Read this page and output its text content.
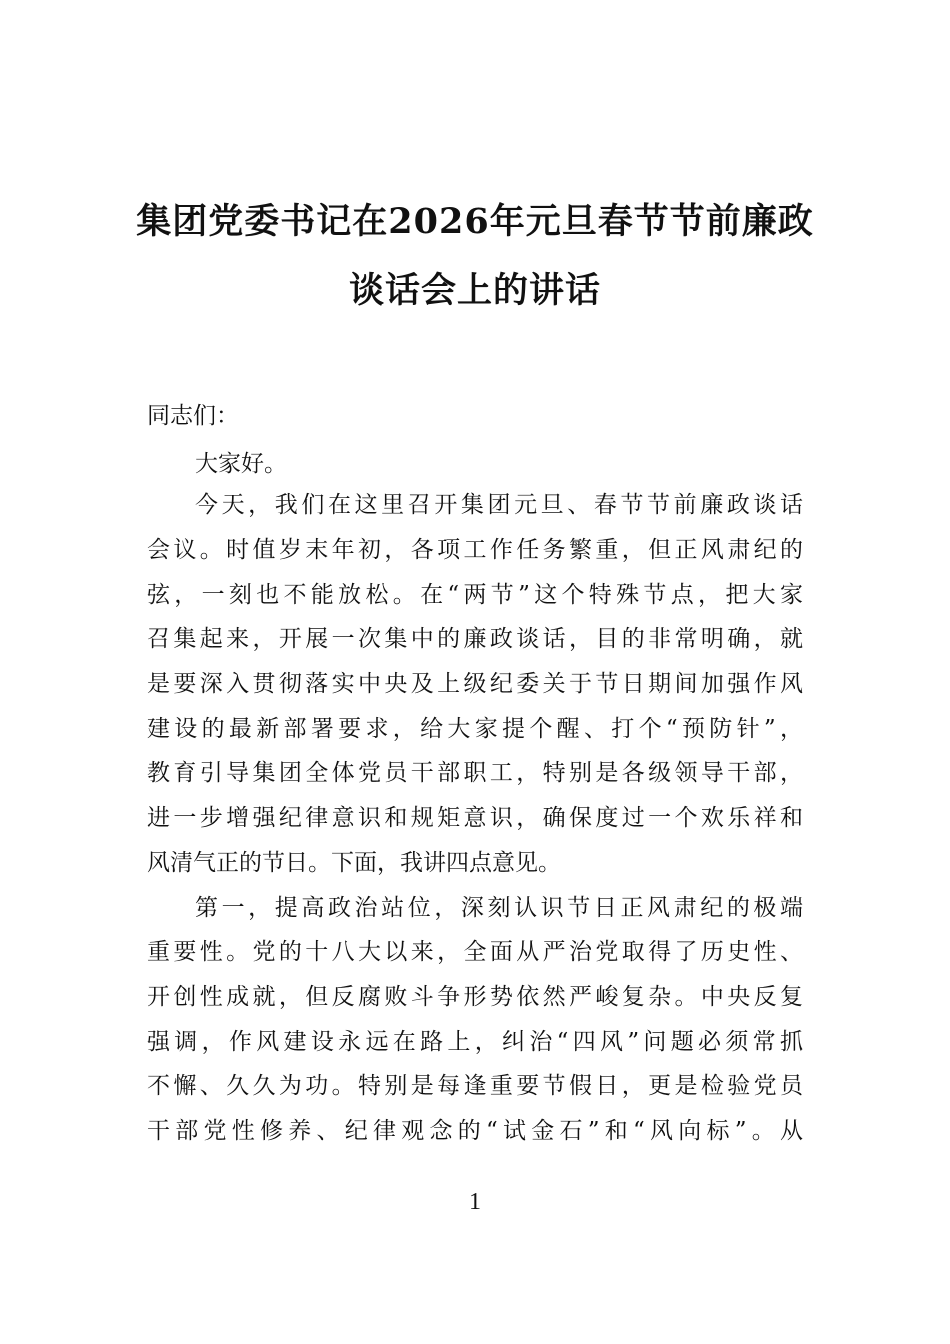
集团党委书记在2026年元旦春节节前廉政
谈话会上的讲话
同志们：
大家好。
今天，我们在这里召开集团元旦、春节节前廉政谈话
会议。时值岁末年初，各项工作任务繁重，但正风肃纪的
弦，一刻也不能放松。在“两节”这个特殊节点，把大家
召集起来，开展一次集中的廉政谈话，目的非常明确，就
是要深入贯彻落实中央及上级纪委关于节日期间加强作风
建设的最新部署要求，给大家提个醒、打个“预防针”，
教育引导集团全体党员干部职工，特别是各级领导干部，
进一步增强纪律意识和规矩意识，确保度过一个欢乐祥和
风清气正的节日。下面，我讲四点意见。
第一，提高政治站位，深刻认识节日正风肃纪的极端
重要性。党的十八大以来，全面从严治党取得了历史性、
开创性成就，但反腐败斗争形势依然严峻复杂。中央反复
强调，作风建设永远在路上，纠治“四风”问题必须常抓
不懈、久久为功。特别是每逢重要节假日，更是检验党员
干部党性修养、纪律观念的“试金石”和“风向标”。从
1
